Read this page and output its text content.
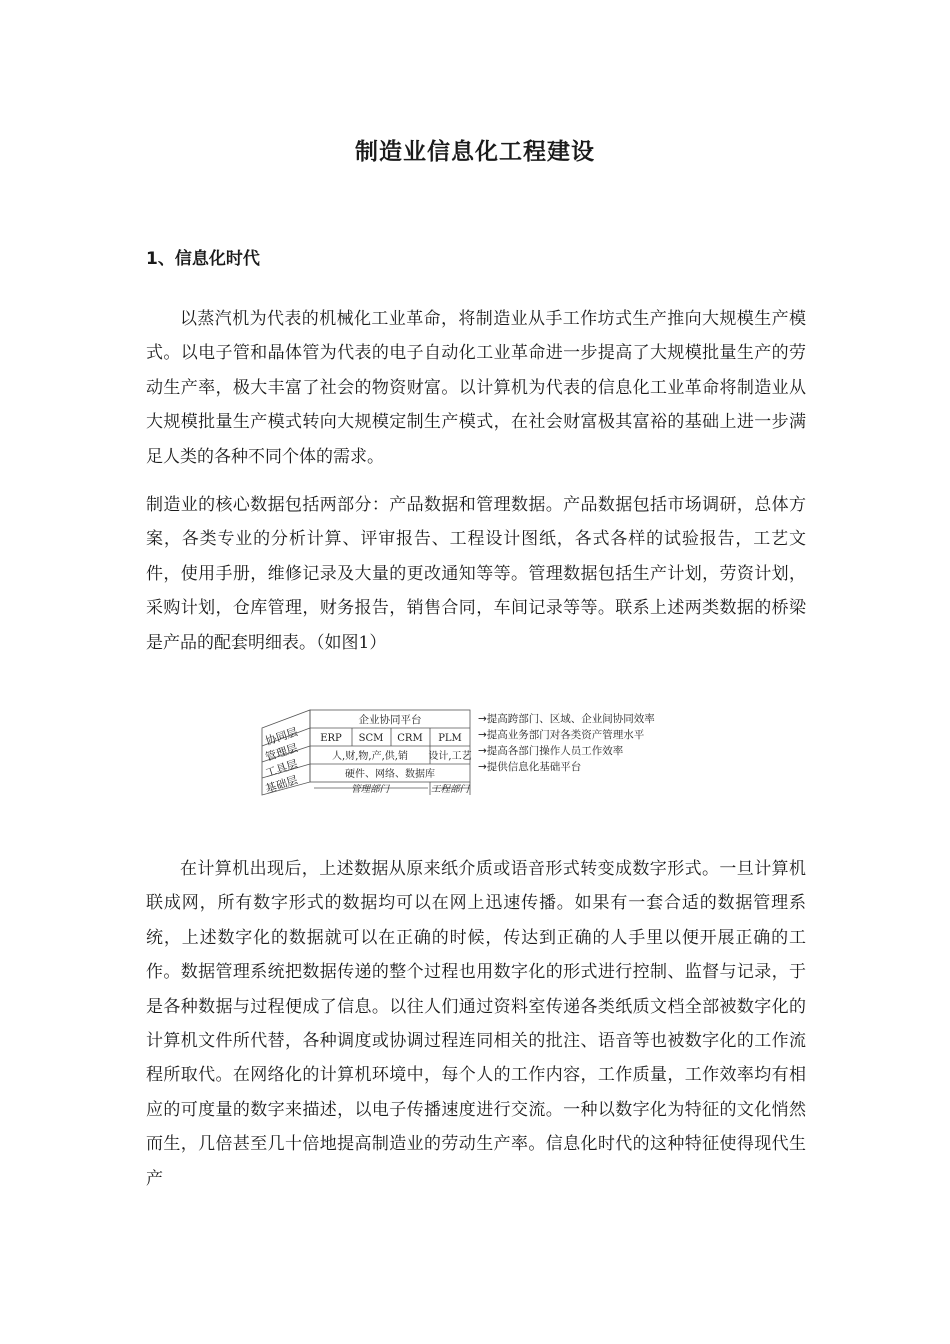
制造业信息化工程建设
1、信息化时代

以蒸汽机为代表的机械化工业革命，将制造业从手工作坊式生产推向大规模生产模式。以电子管和晶体管为代表的电子自动化工业革命进一步提高了大规模批量生产的劳动生产率，极大丰富了社会的物资财富。以计算机为代表的信息化工业革命将制造业从大规模批量生产模式转向大规模定制生产模式，在社会财富极其富裕的基础上进一步满足人类的各种不同个体的需求。

制造业的核心数据包括两部分：产品数据和管理数据。产品数据包括市场调研，总体方案，各类专业的分析计算、评审报告、工程设计图纸，各式各样的试验报告，工艺文件，使用手册，维修记录及大量的更改通知等等。管理数据包括生产计划，劳资计划，采购计划，仓库管理，财务报告，销售合同，车间记录等等。联系上述两类数据的桥梁是产品的配套明细表。（如图1）

协同层
管理层
工具层
基础层
企业协同平台
ERP SCM CRM PLM
人,财,物,产,供,销 设计,工艺
硬件、网络、数据库
管理部门	工程部门
→提高跨部门、区域、企业间协同效率
→提高业务部门对各类资产管理水平
→提高各部门操作人员工作效率
→提供信息化基础平台

在计算机出现后，上述数据从原来纸介质或语音形式转变成数字形式。一旦计算机联成网，所有数字形式的数据均可以在网上迅速传播。如果有一套合适的数据管理系统，上述数字化的数据就可以在正确的时候，传达到正确的人手里以便开展正确的工作。数据管理系统把数据传递的整个过程也用数字化的形式进行控制、监督与记录，于是各种数据与过程便成了信息。以往人们通过资料室传递各类纸质文档全部被数字化的计算机文件所代替，各种调度或协调过程连同相关的批注、语音等也被数字化的工作流程所取代。在网络化的计算机环境中，每个人的工作内容，工作质量，工作效率均有相应的可度量的数字来描述，以电子传播速度进行交流。一种以数字化为特征的文化悄然而生，几倍甚至几十倍地提高制造业的劳动生产率。信息化时代的这种特征使得现代生产
